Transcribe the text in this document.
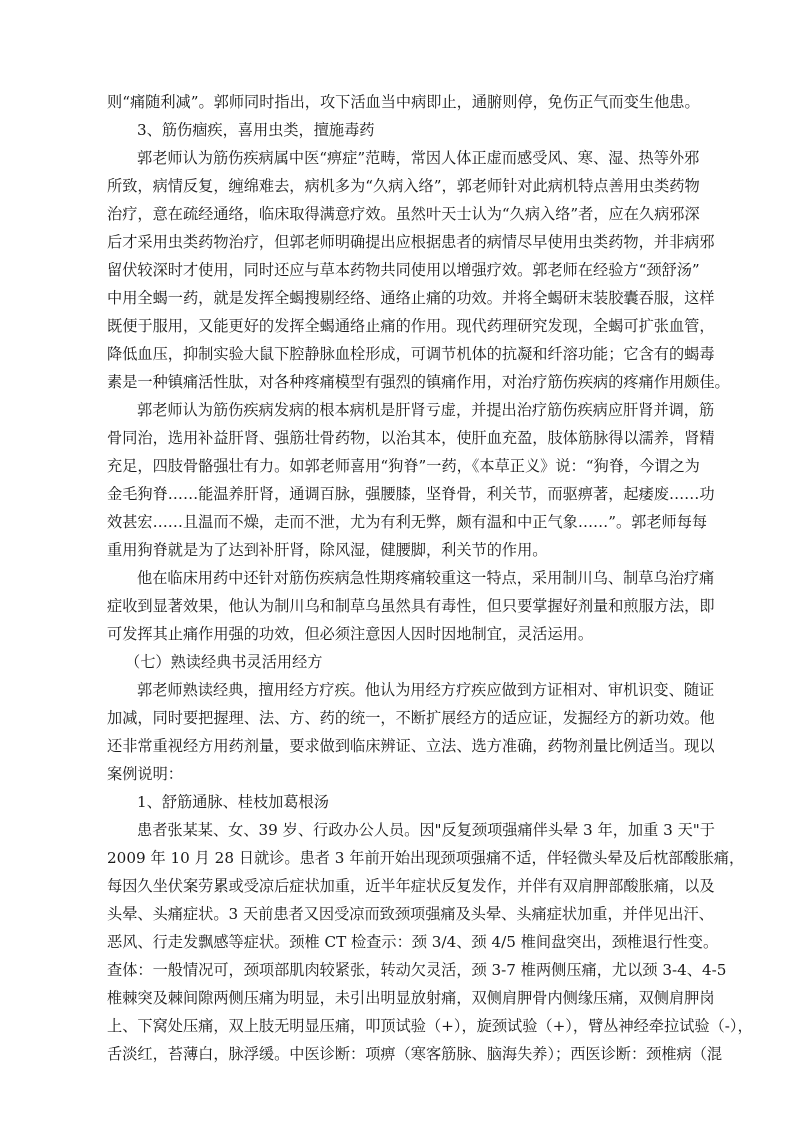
则“痛随利减”。郭师同时指出，攻下活血当中病即止，通腑则停，免伤正气而变生他患。
3、筋伤痼疾，喜用虫类，擅施毒药
郭老师认为筋伤疾病属中医“痹症”范畴，常因人体正虚而感受风、寒、湿、热等外邪
所致，病情反复，缠绵难去，病机多为“久病入络”，郭老师针对此病机特点善用虫类药物
治疗，意在疏经通络，临床取得满意疗效。虽然叶天士认为“久病入络”者，应在久病邪深
后才采用虫类药物治疗，但郭老师明确提出应根据患者的病情尽早使用虫类药物，并非病邪
留伏较深时才使用，同时还应与草本药物共同使用以增强疗效。郭老师在经验方“颈舒汤”
中用全蝎一药，就是发挥全蝎搜剔经络、通络止痛的功效。并将全蝎研末装胶囊吞服，这样
既便于服用，又能更好的发挥全蝎通络止痛的作用。现代药理研究发现，全蝎可扩张血管，
降低血压，抑制实验大鼠下腔静脉血栓形成，可调节机体的抗凝和纤溶功能；它含有的蝎毒
素是一种镇痛活性肽，对各种疼痛模型有强烈的镇痛作用，对治疗筋伤疾病的疼痛作用颇佳。
郭老师认为筋伤疾病发病的根本病机是肝肾亏虚，并提出治疗筋伤疾病应肝肾并调，筋
骨同治，选用补益肝肾、强筋壮骨药物，以治其本，使肝血充盈，肢体筋脉得以濡养，肾精
充足，四肢骨骼强壮有力。如郭老师喜用“狗脊”一药，《本草正义》说：“狗脊，今谓之为
金毛狗脊……能温养肝肾，通调百脉，强腰膝，坚脊骨，利关节，而驱痹著，起痿废……功
效甚宏……且温而不燥，走而不泄，尤为有利无弊，颇有温和中正气象……”。郭老师每每
重用狗脊就是为了达到补肝肾，除风湿，健腰脚，利关节的作用。
他在临床用药中还针对筋伤疾病急性期疼痛较重这一特点，采用制川乌、制草乌治疗痛
症收到显著效果，他认为制川乌和制草乌虽然具有毒性，但只要掌握好剂量和煎服方法，即
可发挥其止痛作用强的功效，但必须注意因人因时因地制宜，灵活运用。
（七）熟读经典书灵活用经方
郭老师熟读经典，擅用经方疗疾。他认为用经方疗疾应做到方证相对、审机识变、随证
加减，同时要把握理、法、方、药的统一，不断扩展经方的适应证，发掘经方的新功效。他
还非常重视经方用药剂量，要求做到临床辨证、立法、选方准确，药物剂量比例适当。现以
案例说明：
1、舒筋通脉、桂枝加葛根汤
患者张某某、女、39 岁、行政办公人员。因"反复颈项强痛伴头晕 3 年，加重 3 天"于
2009 年 10 月 28 日就诊。患者 3 年前开始出现颈项强痛不适，伴轻微头晕及后枕部酸胀痛，
每因久坐伏案劳累或受凉后症状加重，近半年症状反复发作，并伴有双肩胛部酸胀痛，以及
头晕、头痛症状。3 天前患者又因受凉而致颈项强痛及头晕、头痛症状加重，并伴见出汗、
恶风、行走发飘感等症状。颈椎 CT 检查示：颈 3/4、颈 4/5 椎间盘突出，颈椎退行性变。
查体：一般情况可，颈项部肌肉较紧张，转动欠灵活，颈 3-7 椎两侧压痛，尤以颈 3-4、4-5
椎棘突及棘间隙两侧压痛为明显，未引出明显放射痛，双侧肩胛骨内侧缘压痛，双侧肩胛岗
上、下窝处压痛，双上肢无明显压痛，叩顶试验（+），旋颈试验（+），臂丛神经牵拉试验（-），
舌淡红，苔薄白，脉浮缓。中医诊断：项痹（寒客筋脉、脑海失养）；西医诊断：颈椎病（混
